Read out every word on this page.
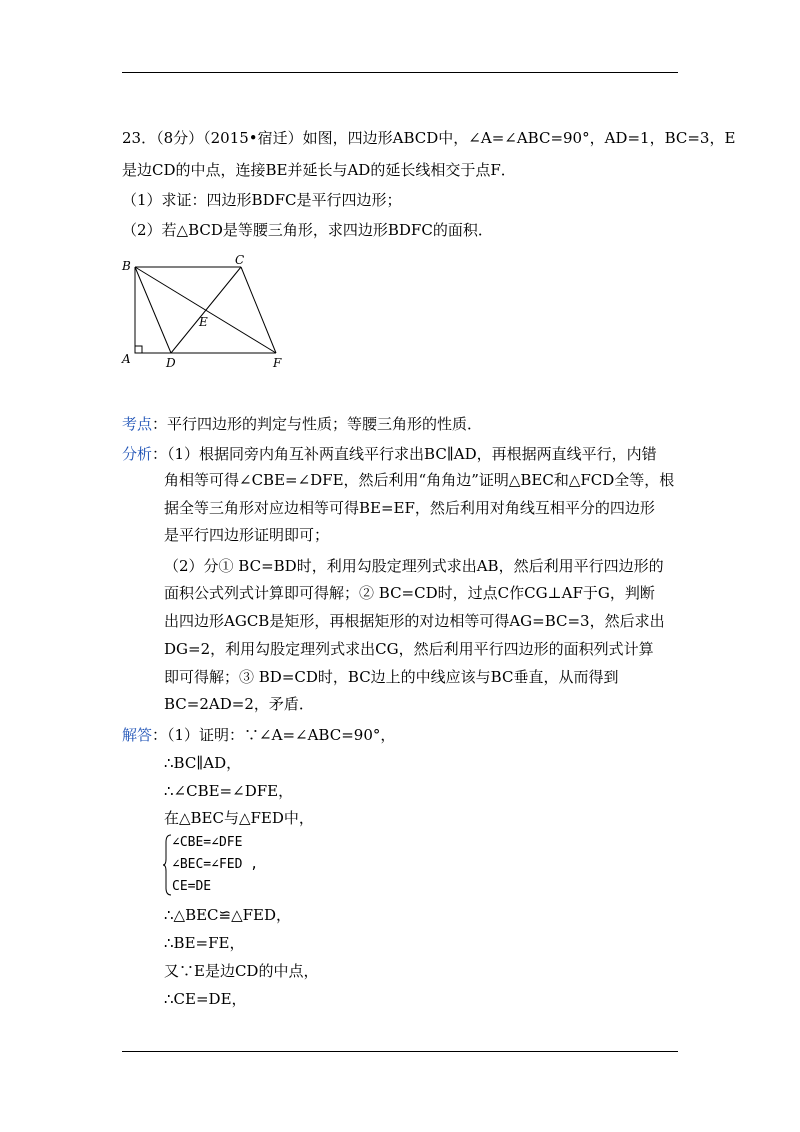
23．（8分）（2015•宿迁）如图，四边形ABCD中，∠A=∠ABC=90°，AD=1，BC=3，E
是边CD的中点，连接BE并延长与AD的延长线相交于点F．
（1）求证：四边形BDFC是平行四边形；
（2）若△BCD是等腰三角形，求四边形BDFC的面积．
B	C
E
A	D	F
考点：平行四边形的判定与性质；等腰三角形的性质．
分析：（1）根据同旁内角互补两直线平行求出BC∥AD，再根据两直线平行，内错
角相等可得∠CBE=∠DFE，然后利用“角角边”证明△BEC和△FCD全等，根
据全等三角形对应边相等可得BE=EF，然后利用对角线互相平分的四边形
是平行四边形证明即可；
（2）分① BC=BD时，利用勾股定理列式求出AB，然后利用平行四边形的
面积公式列式计算即可得解；② BC=CD时，过点C作CG⊥AF于G，判断
出四边形AGCB是矩形，再根据矩形的对边相等可得AG=BC=3，然后求出
DG=2，利用勾股定理列式求出CG，然后利用平行四边形的面积列式计算
即可得解；③ BD=CD时，BC边上的中线应该与BC垂直，从而得到
BC=2AD=2，矛盾．
解答：（1）证明：∵∠A=∠ABC=90°，
∴BC∥AD，
∴∠CBE=∠DFE，
在△BEC与△FED中，
∠CBE=∠DFE
∠BEC=∠FED ,
CE=DE
∴△BEC≌△FED，
∴BE=FE，
又∵E是边CD的中点，
∴CE=DE，
